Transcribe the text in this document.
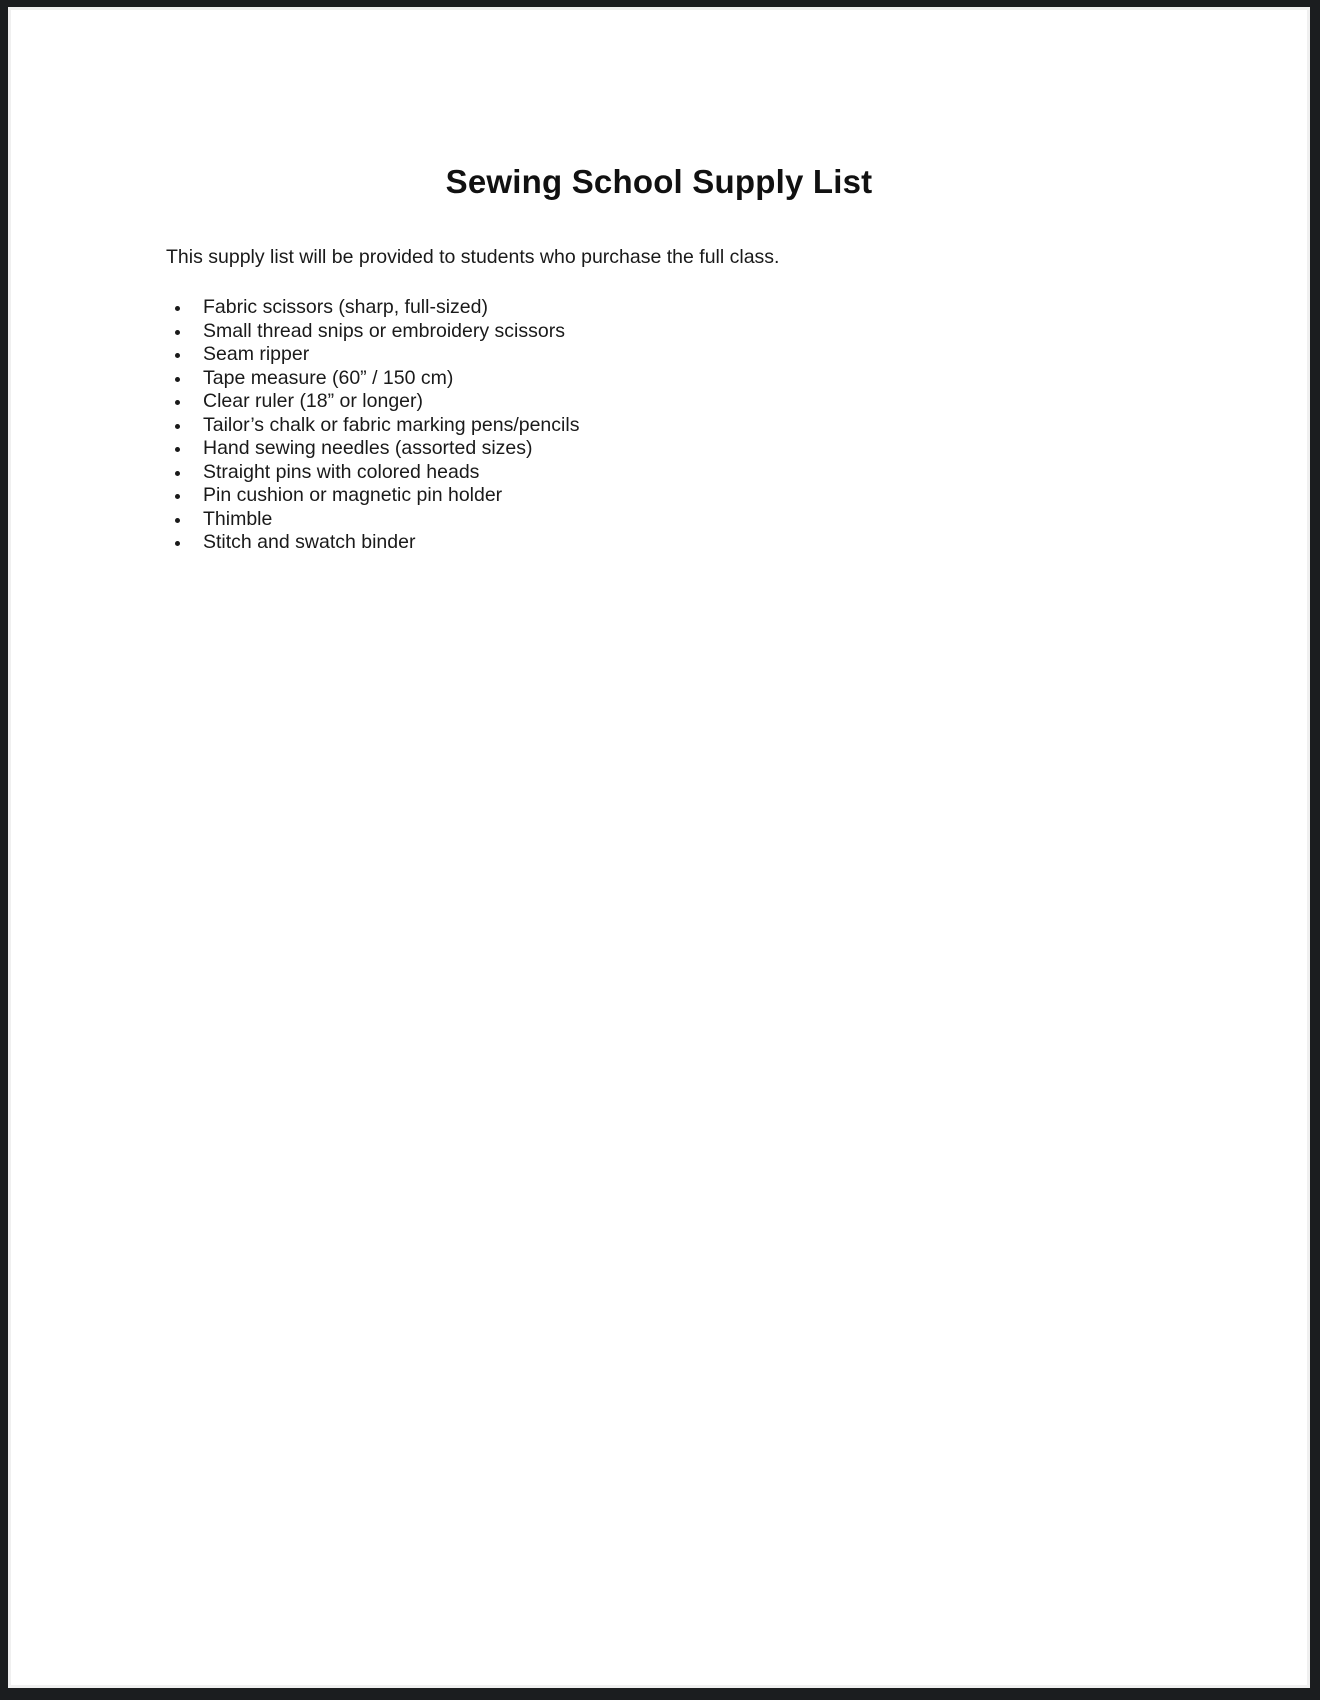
Sewing School Supply List

This supply list will be provided to students who purchase the full class.

Fabric scissors (sharp, full-sized)
Small thread snips or embroidery scissors
Seam ripper
Tape measure (60” / 150 cm)
Clear ruler (18” or longer)
Tailor’s chalk or fabric marking pens/pencils
Hand sewing needles (assorted sizes)
Straight pins with colored heads
Pin cushion or magnetic pin holder
Thimble
Stitch and swatch binder
